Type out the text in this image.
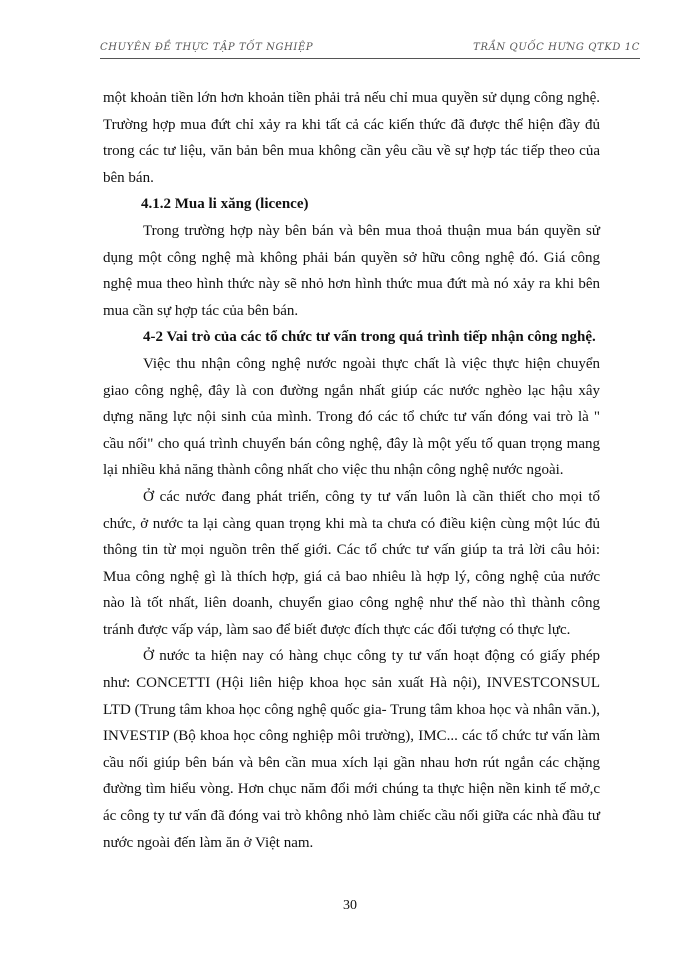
CHUYÊN ĐỀ THỰC TẬP TỐT NGHIỆP	TRẦN QUỐC HƯNG QTKD 1C

một khoản tiền lớn hơn khoản tiền phải trả nếu chỉ mua quyền sử dụng công nghệ. Trường hợp mua đứt chỉ xảy ra khi tất cả các kiến thức đã được thể hiện đầy đủ trong các tư liệu, văn bản bên mua không cần yêu cầu về sự hợp tác tiếp theo của bên bán.

4.1.2 Mua li xăng (licence)

Trong trường hợp này bên bán và bên mua thoả thuận mua bán quyền sử dụng một công nghệ mà không phải bán quyền sở hữu công nghệ đó. Giá công nghệ mua theo hình thức này sẽ nhỏ hơn hình thức mua đứt mà nó xảy ra khi bên mua cần sự hợp tác của bên bán.

4-2 Vai trò của các tổ chức tư vấn trong quá trình tiếp nhận công nghệ.

Việc thu nhận công nghệ nước ngoài thực chất là việc thực hiện chuyển giao công nghệ, đây là con đường ngắn nhất giúp các nước nghèo lạc hậu xây dựng năng lực nội sinh của mình. Trong đó các tổ chức tư vấn đóng vai trò là " cầu nối" cho quá trình chuyển bán công nghệ, đây là một yếu tố quan trọng mang lại nhiều khả năng thành công nhất cho việc thu nhận công nghệ nước ngoài.

Ở các nước đang phát triển, công ty tư vấn luôn là cần thiết cho mọi tổ chức, ở nước ta lại càng quan trọng khi mà ta chưa có điều kiện cùng một lúc đủ thông tin từ mọi nguồn trên thế giới. Các tổ chức tư vấn giúp ta trả lời câu hỏi: Mua công nghệ gì là thích hợp, giá cả bao nhiêu là hợp lý, công nghệ của nước nào là tốt nhất, liên doanh, chuyển giao công nghệ như thế nào thì thành công tránh được vấp váp, làm sao để biết được đích thực các đối tượng có thực lực.

Ở nước ta hiện nay có hàng chục công ty tư vấn hoạt động có giấy phép như: CONCETTI (Hội liên hiệp khoa học sản xuất Hà nội), INVESTCONSUL LTD (Trung tâm khoa học công nghệ quốc gia- Trung tâm khoa học và nhân văn.), INVESTIP (Bộ khoa học công nghiệp môi trường), IMC... các tổ chức tư vấn làm cầu nối giúp bên bán và bên cần mua xích lại gần nhau hơn rút ngắn các chặng đường tìm hiểu vòng. Hơn chục năm đổi mới chúng ta thực hiện nền kinh tế mở,c ác công ty tư vấn đã đóng vai trò không nhỏ làm chiếc cầu nối giữa các nhà đầu tư nước ngoài đến làm ăn ở Việt nam.

30
